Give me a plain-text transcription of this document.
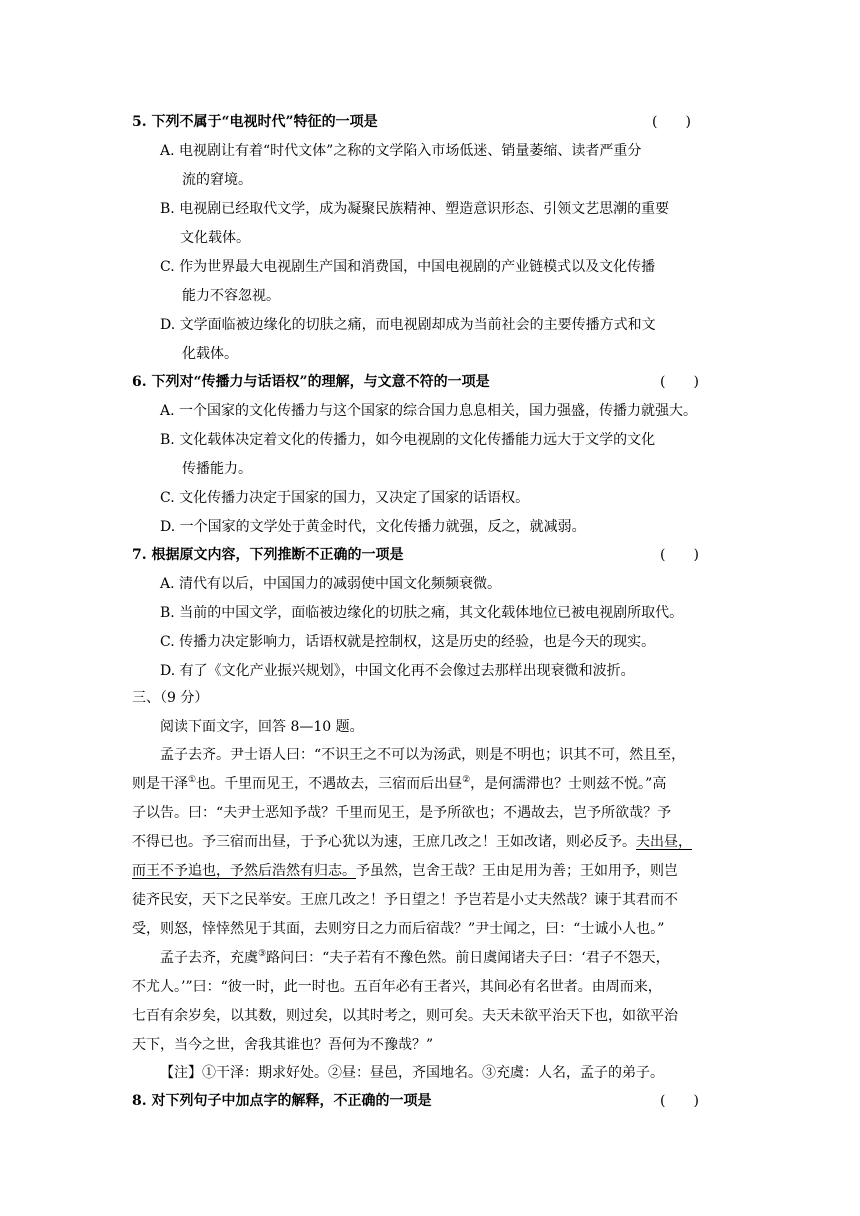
5. 下列不属于“电视时代”特征的一项是	(　　)
A. 电视剧让有着“时代文体”之称的文学陷入市场低迷、销量萎缩、读者严重分
流的窘境。
B. 电视剧已经取代文学，成为凝聚民族精神、塑造意识形态、引领文艺思潮的重要
文化载体。
C. 作为世界最大电视剧生产国和消费国，中国电视剧的产业链模式以及文化传播
能力不容忽视。
D. 文学面临被边缘化的切肤之痛，而电视剧却成为当前社会的主要传播方式和文
化载体。
6. 下列对“传播力与话语权”的理解，与文意不符的一项是	(　　)
A. 一个国家的文化传播力与这个国家的综合国力息息相关，国力强盛，传播力就强大。
B. 文化载体决定着文化的传播力，如今电视剧的文化传播能力远大于文学的文化
传播能力。
C. 文化传播力决定于国家的国力，又决定了国家的话语权。
D. 一个国家的文学处于黄金时代，文化传播力就强，反之，就减弱。
7. 根据原文内容，下列推断不正确的一项是	(　　)
A. 清代有以后，中国国力的减弱使中国文化频频衰微。
B. 当前的中国文学，面临被边缘化的切肤之痛，其文化载体地位已被电视剧所取代。
C. 传播力决定影响力，话语权就是控制权，这是历史的经验，也是今天的现实。
D. 有了《文化产业振兴规划》，中国文化再不会像过去那样出现衰微和波折。
三、（9 分）
阅读下面文字，回答 8—10 题。
孟子去齐。尹士语人曰：“不识王之不可以为汤武，则是不明也；识其不可，然且至，
则是干泽①也。千里而见王，不遇故去，三宿而后出昼②，是何濡滞也？士则兹不悦。”高
子以告。曰：“夫尹士恶知予哉？千里而见王，是予所欲也；不遇故去，岂予所欲哉？予
不得已也。予三宿而出昼，于予心犹以为速，王庶几改之！王如改诸，则必反予。夫出昼，
而王不予追也，予然后浩然有归志。予虽然，岂舍王哉？王由足用为善；王如用予，则岂
徒齐民安，天下之民举安。王庶几改之！予日望之！予岂若是小丈夫然哉？谏于其君而不
受，则怒，悻悻然见于其面，去则穷日之力而后宿哉？”尹士闻之，曰：“士诚小人也。”
孟子去齐，充虞③路问曰：“夫子若有不豫色然。前日虞闻诸夫子曰：‘君子不怨天，
不尤人。’”曰：“彼一时，此一时也。五百年必有王者兴，其间必有名世者。由周而来，
七百有余岁矣，以其数，则过矣，以其时考之，则可矣。夫天未欲平治天下也，如欲平治
天下，当今之世，舍我其谁也？吾何为不豫哉？”
【注】①干泽：期求好处。②昼：昼邑，齐国地名。③充虞：人名，孟子的弟子。
8. 对下列句子中加点字的解释，不正确的一项是	(　　)
